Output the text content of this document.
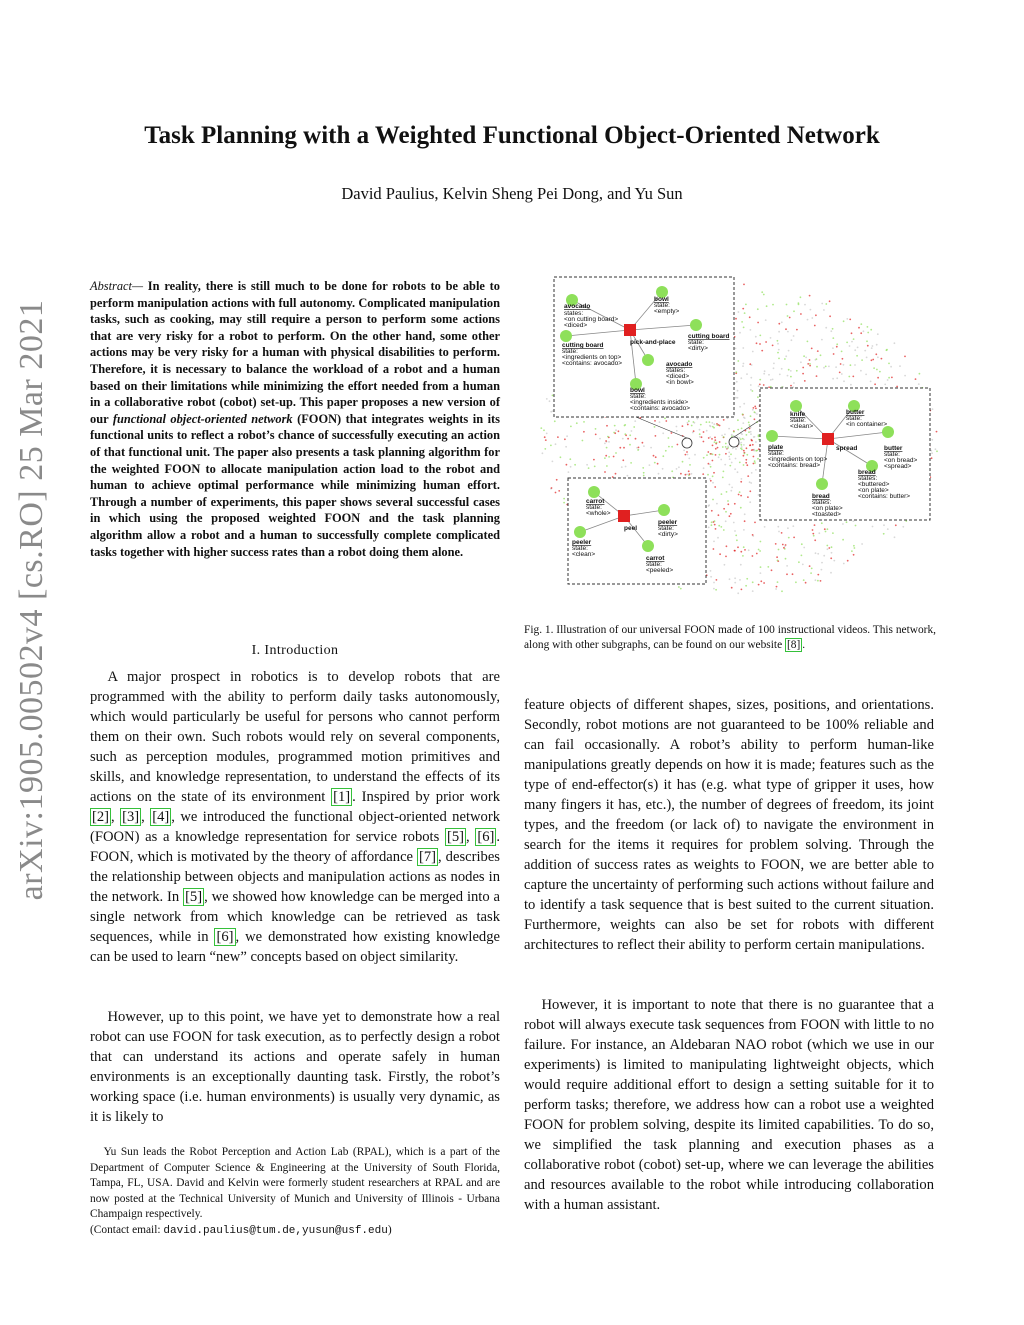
arXiv:1905.00502v4 [cs.RO] 25 Mar 2021
Task Planning with a Weighted Functional Object-Oriented Network
David Paulius, Kelvin Sheng Pei Dong, and Yu Sun
Abstract— In reality, there is still much to be done for robots to be able to perform manipulation actions with full autonomy. Complicated manipulation tasks, such as cooking, may still require a person to perform some actions that are very risky for a robot to perform. On the other hand, some other actions may be very risky for a human with physical disabilities to perform. Therefore, it is necessary to balance the workload of a robot and a human based on their limitations while minimizing the effort needed from a human in a collaborative robot (cobot) set-up. This paper proposes a new version of our functional object-oriented network (FOON) that integrates weights in its functional units to reflect a robot’s chance of successfully executing an action of that functional unit. The paper also presents a task planning algorithm for the weighted FOON to allocate manipulation action load to the robot and human to achieve optimal performance while minimizing human effort. Through a number of experiments, this paper shows several successful cases in which using the proposed weighted FOON and the task planning algorithm allow a robot and a human to successfully complete complicated tasks together with higher success rates than a robot doing them alone.
I. Introduction

A major prospect in robotics is to develop robots that are programmed with the ability to perform daily tasks autonomously, which would particularly be useful for persons who cannot perform them on their own. Such robots would rely on several components, such as perception modules, programmed motion primitives and skills, and knowledge representation, to understand the effects of its actions on the state of its environment [1] . Inspired by prior work [2] , [3] , [4] , we introduced the functional object-oriented network (FOON) as a knowledge representation for service robots [5] , [6] . FOON, which is motivated by the theory of affordance [7] , describes the relationship between objects and manipulation actions as nodes in the network. In [5] , we showed how knowledge can be merged into a single network from which knowledge can be retrieved as task sequences, while in [6] , we demonstrated how existing knowledge can be used to learn “new” concepts based on object similarity.

However, up to this point, we have yet to demonstrate how a real robot can use FOON for task execution, as to perfectly design a robot that can understand its actions and operate safely in human environments is an exceptionally daunting task. Firstly, the robot’s working space (i.e. human environments) is usually very dynamic, as it is likely to

Yu Sun leads the Robot Perception and Action Lab (RPAL), which is a part of the Department of Computer Science & Engineering at the University of South Florida, Tampa, FL, USA. David and Kelvin were formerly student researchers at RPAL and are now posted at the Technical University of Munich and University of Illinois - Urbana Champaign respectively.
(Contact email: david.paulius@tum.de,yusun@usf.edu)

avocado
states:
<on cutting board>
<diced>
bowl
state:
<empty>
pick-and-place
cutting board
state:
<ingredients on top>
<contains: avocado>
cutting board
state:
<dirty>
avocado
states:
<diced>
<in bowl>
bowl
state:
<ingredients inside>
<contains: avocado>
knife
state:
<clean>
butter
state:
<in container>
plate
state:
<ingredients on top>
<contains: bread>
spread	butter
state:
<on bread>
<spread>
bread
states:
<buttered>
<on plate>
<contains: butter>
bread
states:
<on plate>
<toasted>
carrot
state:
<whole>
peel
peeler
state:
<dirty>
peeler
state:
<clean>
carrot
state:
<peeled>
Fig. 1. Illustration of our universal FOON made of 100 instructional videos. This network, along with other subgraphs, can be found on our website [8] .

feature objects of different shapes, sizes, positions, and orientations. Secondly, robot motions are not guaranteed to be 100% reliable and can fail occasionally. A robot’s ability to perform human-like manipulations greatly depends on how it is made; features such as the type of end-effector(s) it has (e.g. what type of gripper it uses, how many fingers it has, etc.), the number of degrees of freedom, its joint types, and the freedom (or lack of) to navigate the environment in search for the items it requires for problem solving. Through the addition of success rates as weights to FOON, we are better able to capture the uncertainty of performing such actions without failure and to identify a task sequence that is best suited to the current situation. Furthermore, weights can also be set for robots with different architectures to reflect their ability to perform certain manipulations.

However, it is important to note that there is no guarantee that a robot will always execute task sequences from FOON with little to no failure. For instance, an Aldebaran NAO robot (which we use in our experiments) is limited to manipulating lightweight objects, which would require additional effort to design a setting suitable for it to perform tasks; therefore, we address how can a robot use a weighted FOON for problem solving, despite its limited capabilities. To do so, we simplified the task planning and execution phases as a collaborative robot (cobot) set-up, where we can leverage the abilities and resources available to the robot while introducing collaboration with a human assistant.
